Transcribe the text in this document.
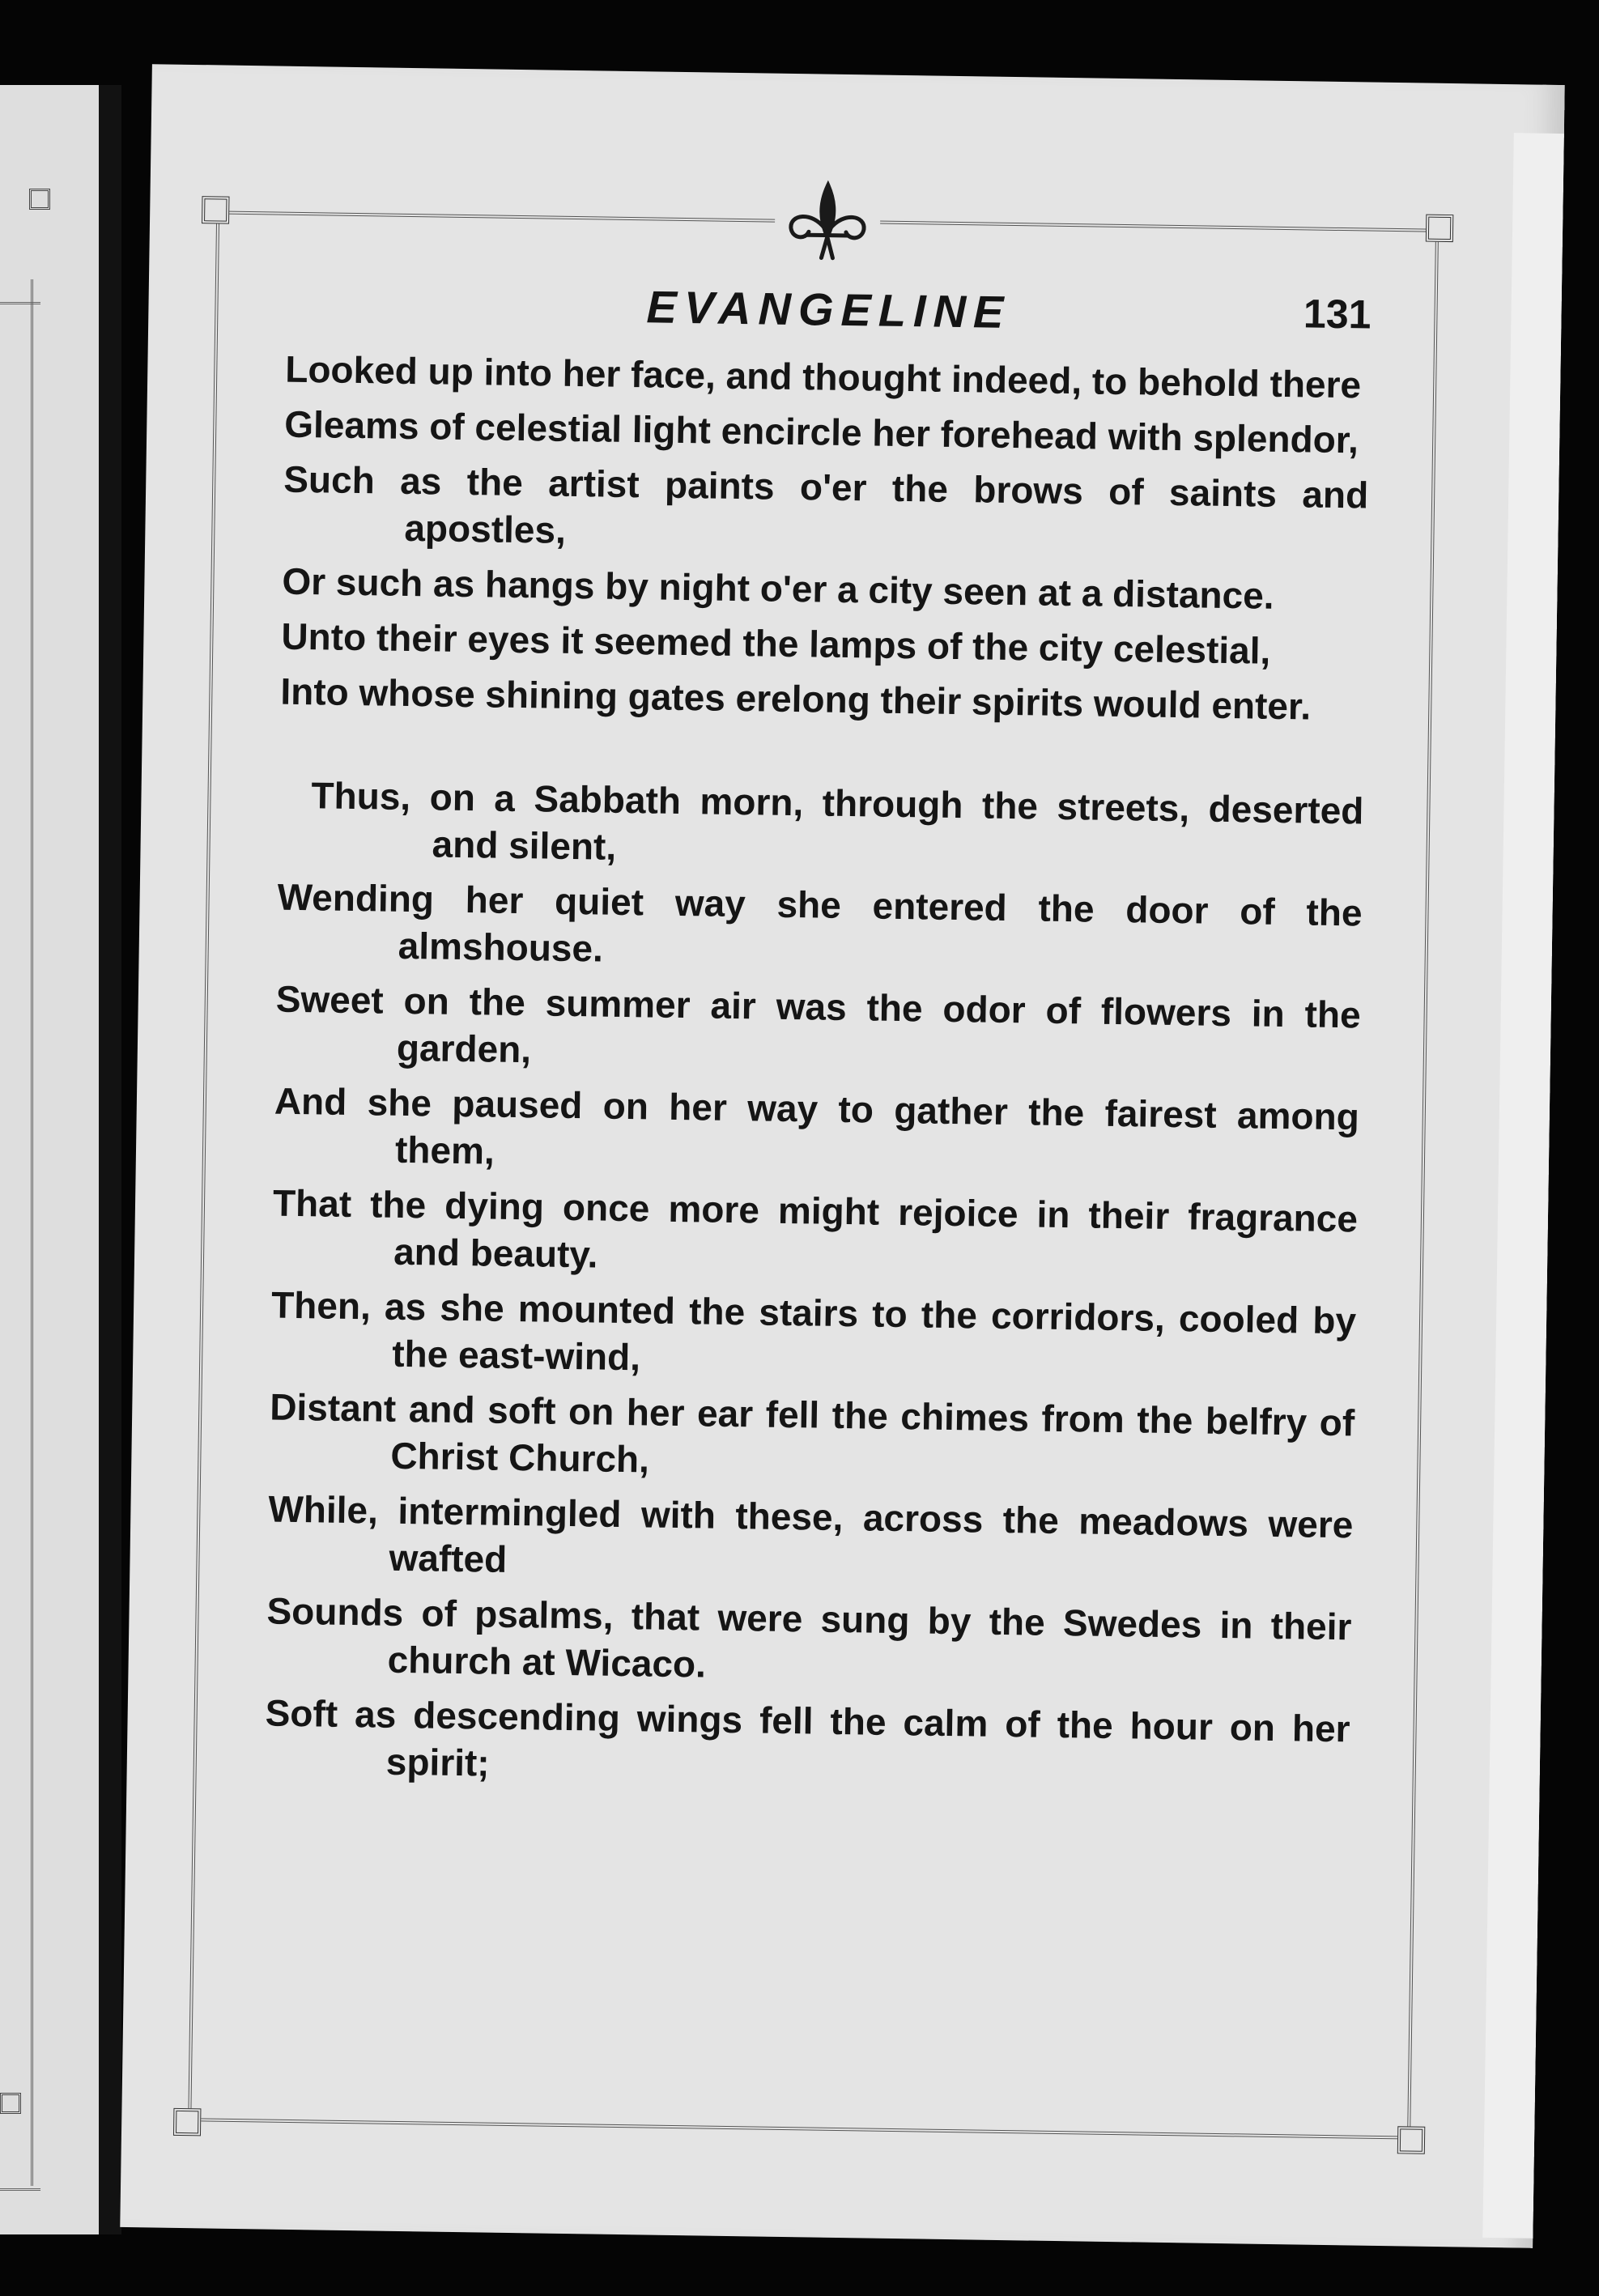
EVANGELINE	131

Looked up into her face, and thought indeed, to behold there

Gleams of celestial light encircle her forehead with splendor,

Such as the artist paints o'er the brows of saints and apostles,

Or such as hangs by night o'er a city seen at a distance.

Unto their eyes it seemed the lamps of the city celestial,

Into whose shining gates erelong their spirits would enter.

Thus, on a Sabbath morn, through the streets, deserted and silent,

Wending her quiet way she entered the door of the almshouse.

Sweet on the summer air was the odor of flowers in the garden,

And she paused on her way to gather the fairest among them,

That the dying once more might rejoice in their fragrance and beauty.

Then, as she mounted the stairs to the corridors, cooled by the east-wind,

Distant and soft on her ear fell the chimes from the belfry of Christ Church,

While, intermingled with these, across the meadows were wafted

Sounds of psalms, that were sung by the Swedes in their church at Wicaco.

Soft as descending wings fell the calm of the hour on her spirit;
